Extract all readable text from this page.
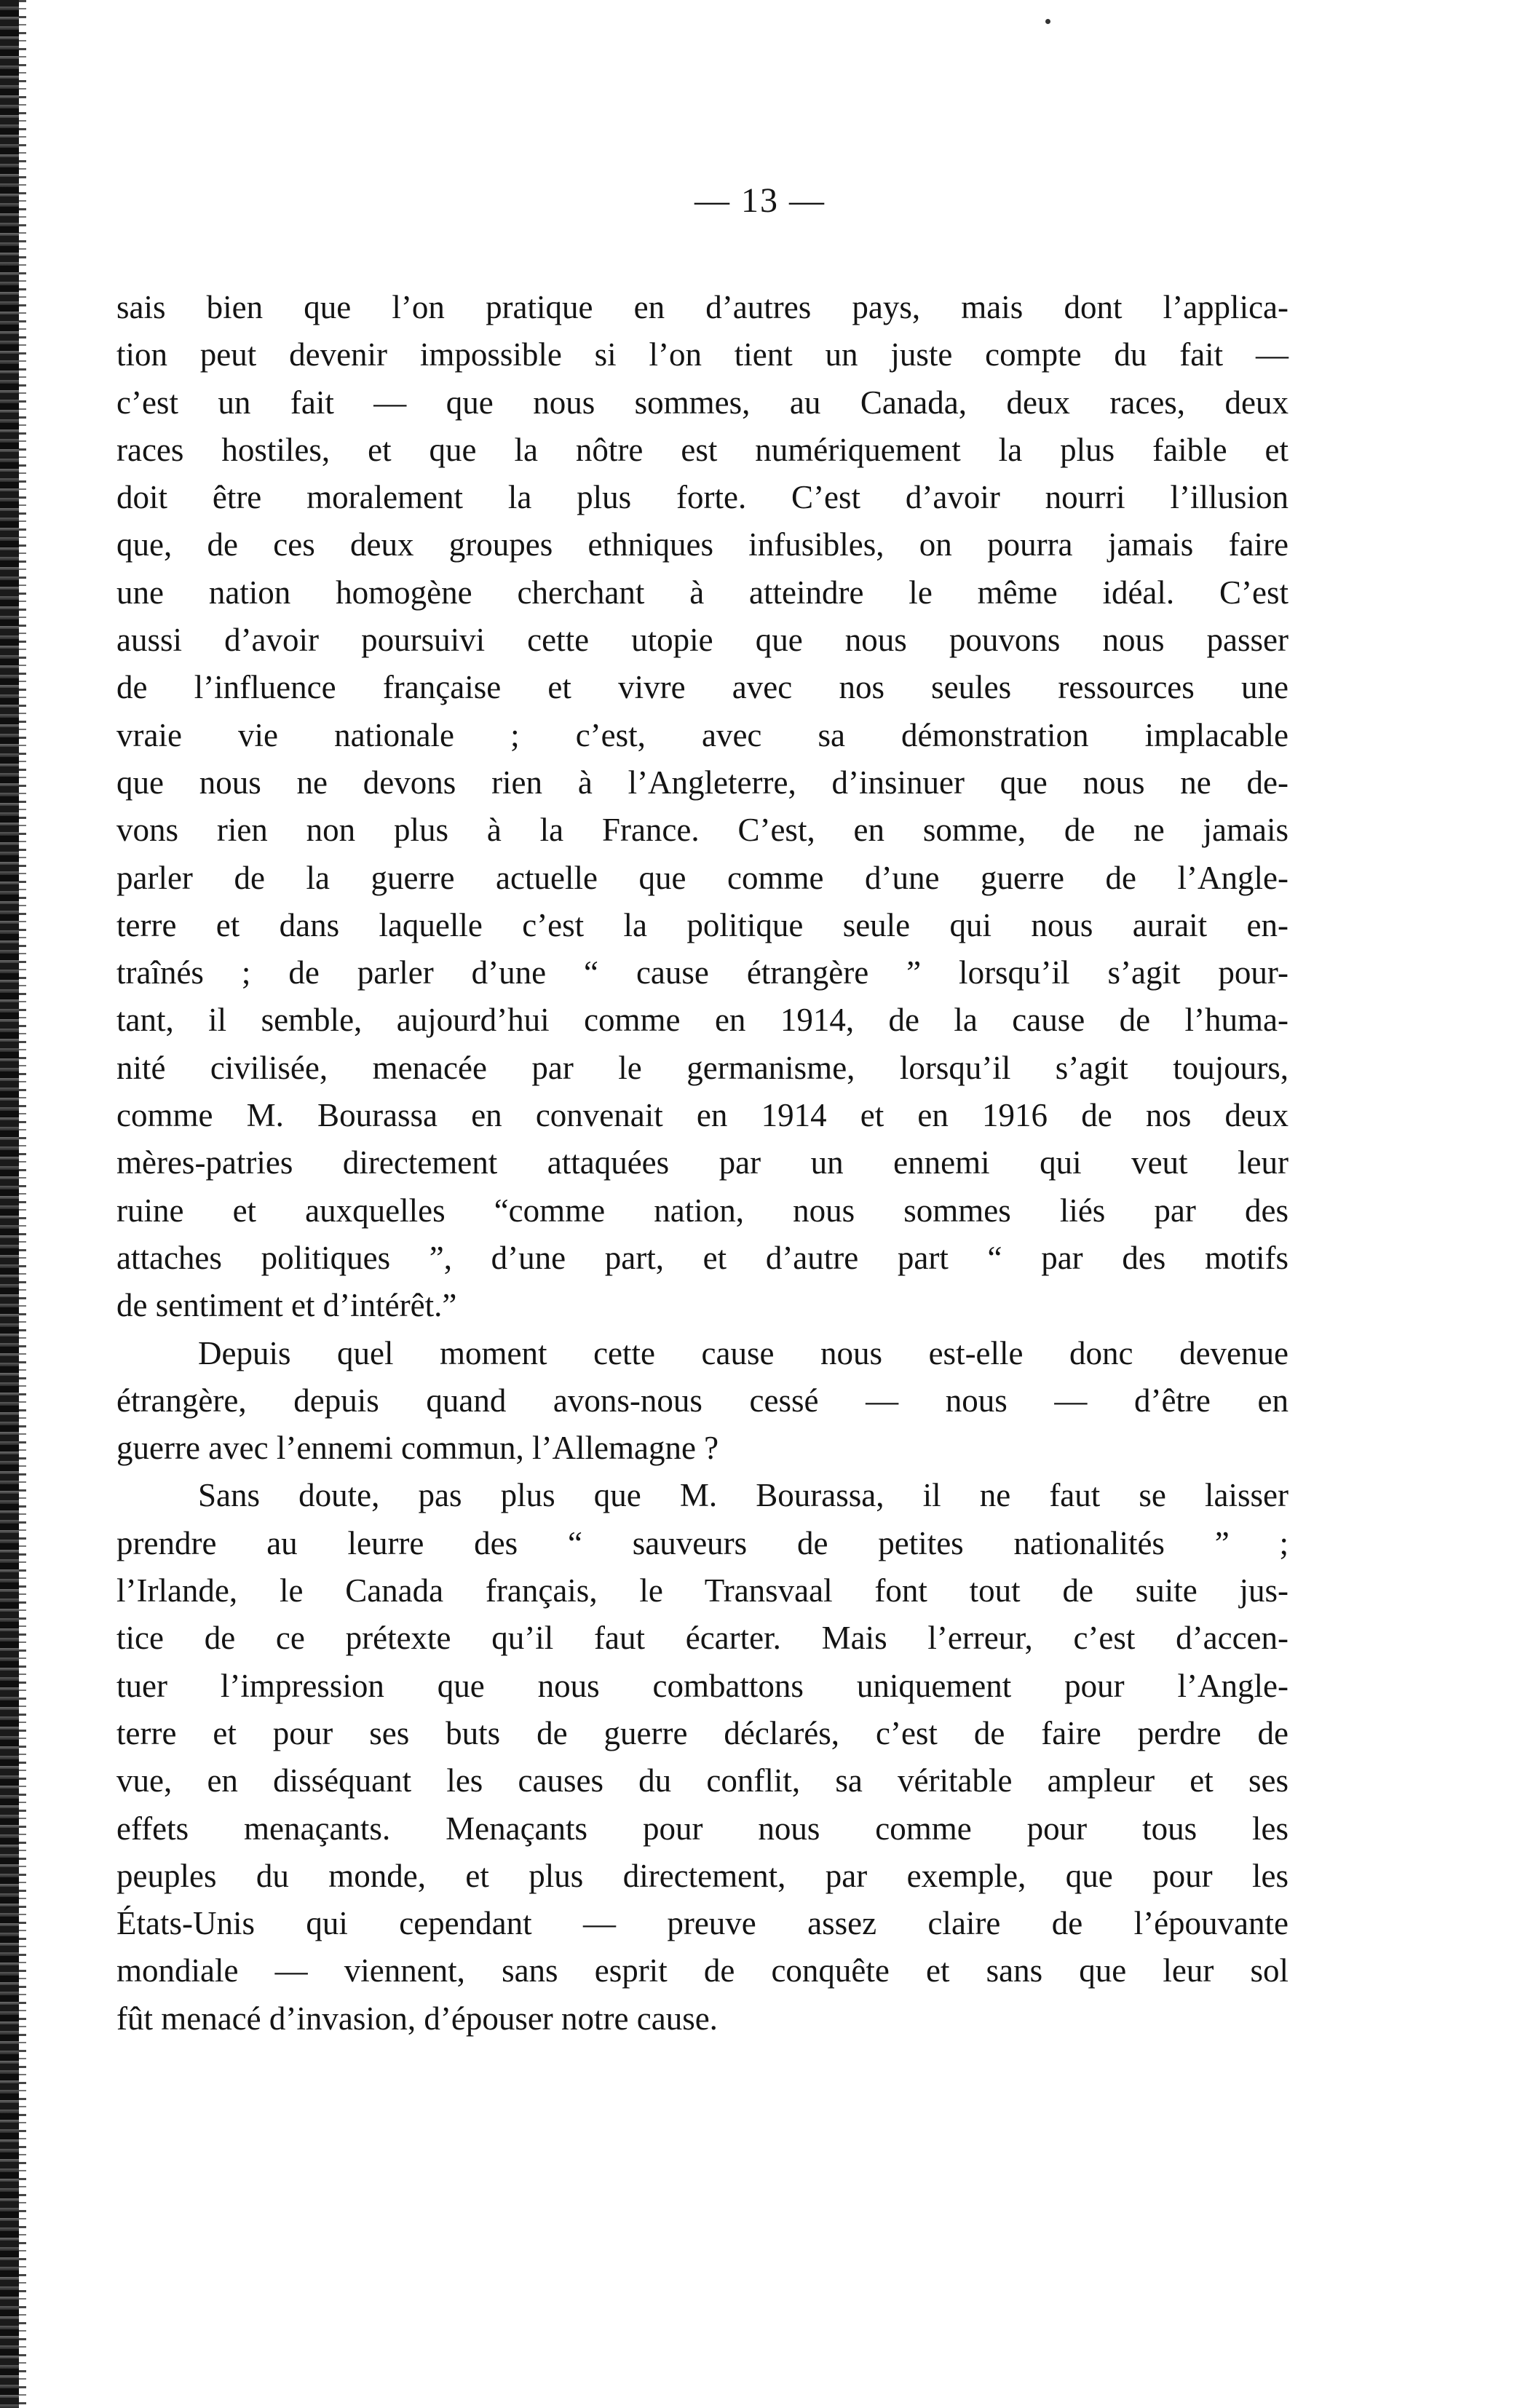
— 13 —
sais bien que l’on pratique en d’autres pays, mais dont l’applica-
tion peut devenir impossible si l’on tient un juste compte du fait —
c’est un fait — que nous sommes, au Canada, deux races, deux
races hostiles, et que la nôtre est numériquement la plus faible et
doit être moralement la plus forte. C’est d’avoir nourri l’illusion
que, de ces deux groupes ethniques infusibles, on pourra jamais faire
une nation homogène cherchant à atteindre le même idéal. C’est
aussi d’avoir poursuivi cette utopie que nous pouvons nous passer
de l’influence française et vivre avec nos seules ressources une
vraie vie nationale ; c’est, avec sa démonstration implacable
que nous ne devons rien à l’Angleterre, d’insinuer que nous ne de-
vons rien non plus à la France. C’est, en somme, de ne jamais
parler de la guerre actuelle que comme d’une guerre de l’Angle-
terre et dans laquelle c’est la politique seule qui nous aurait en-
traînés ; de parler d’une “ cause étrangère ” lorsqu’il s’agit pour-
tant, il semble, aujourd’hui comme en 1914, de la cause de l’huma-
nité civilisée, menacée par le germanisme, lorsqu’il s’agit toujours,
comme M. Bourassa en convenait en 1914 et en 1916 de nos deux
mères-patries directement attaquées par un ennemi qui veut leur
ruine et auxquelles “comme nation, nous sommes liés par des
attaches politiques ”, d’une part, et d’autre part “ par des motifs
de sentiment et d’intérêt.”
Depuis quel moment cette cause nous est-elle donc devenue
étrangère, depuis quand avons-nous cessé — nous — d’être en
guerre avec l’ennemi commun, l’Allemagne ?
Sans doute, pas plus que M. Bourassa, il ne faut se laisser
prendre au leurre des “ sauveurs de petites nationalités ” ;
l’Irlande, le Canada français, le Transvaal font tout de suite jus-
tice de ce prétexte qu’il faut écarter. Mais l’erreur, c’est d’accen-
tuer l’impression que nous combattons uniquement pour l’Angle-
terre et pour ses buts de guerre déclarés, c’est de faire perdre de
vue, en disséquant les causes du conflit, sa véritable ampleur et ses
effets menaçants. Menaçants pour nous comme pour tous les
peuples du monde, et plus directement, par exemple, que pour les
États-Unis qui cependant — preuve assez claire de l’épouvante
mondiale — viennent, sans esprit de conquête et sans que leur sol
fût menacé d’invasion, d’épouser notre cause.
